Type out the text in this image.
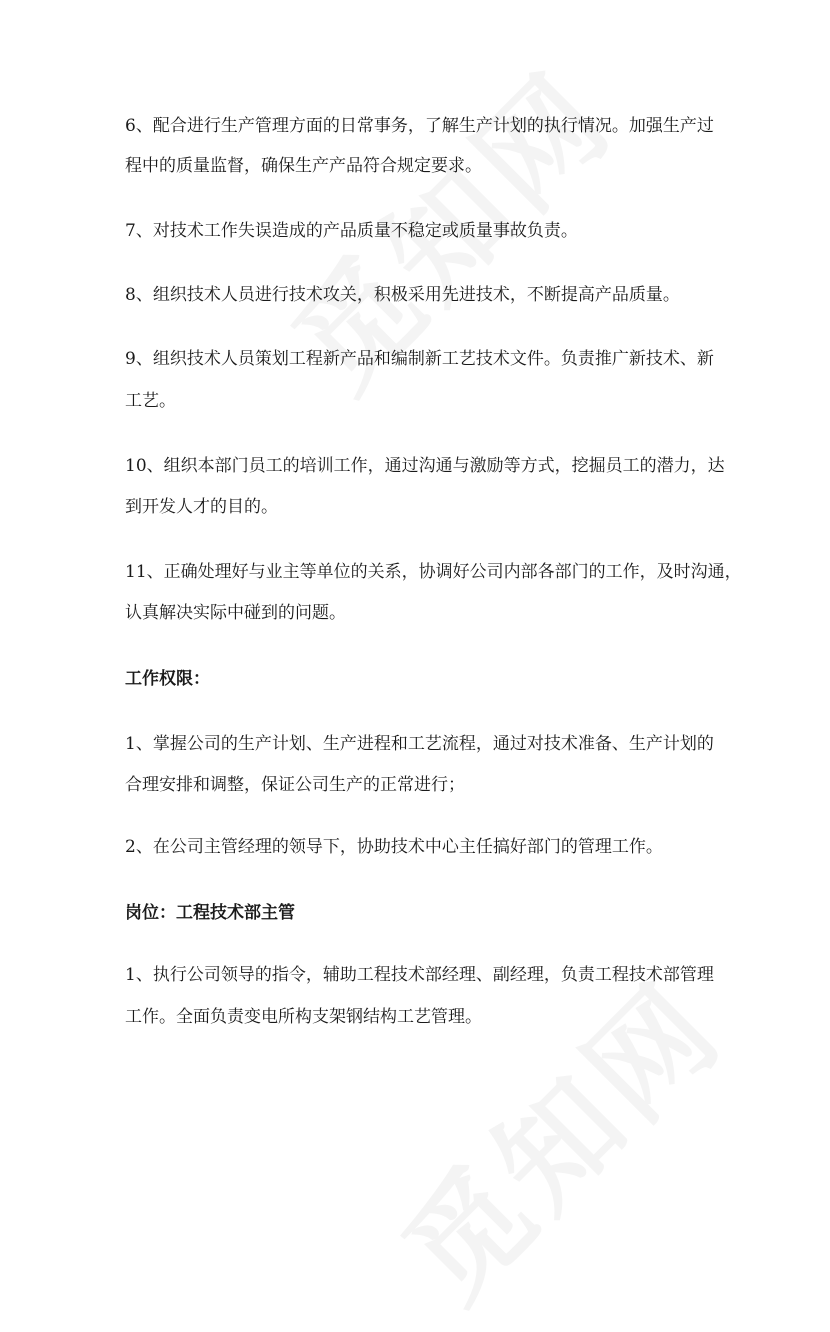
6、配合进行生产管理方面的日常事务，了解生产计划的执行情况。加强生产过
程中的质量监督，确保生产产品符合规定要求。
7、对技术工作失误造成的产品质量不稳定或质量事故负责。
8、组织技术人员进行技术攻关，积极采用先进技术，不断提高产品质量。
9、组织技术人员策划工程新产品和编制新工艺技术文件。负责推广新技术、新
工艺。
10、组织本部门员工的培训工作，通过沟通与激励等方式，挖掘员工的潜力，达
到开发人才的目的。
11、正确处理好与业主等单位的关系，协调好公司内部各部门的工作，及时沟通，
认真解决实际中碰到的问题。
工作权限：
1、掌握公司的生产计划、生产进程和工艺流程，通过对技术准备、生产计划的
合理安排和调整，保证公司生产的正常进行；
2、在公司主管经理的领导下，协助技术中心主任搞好部门的管理工作。
岗位：工程技术部主管
1、执行公司领导的指令，辅助工程技术部经理、副经理，负责工程技术部管理
工作。全面负责变电所构支架钢结构工艺管理。
